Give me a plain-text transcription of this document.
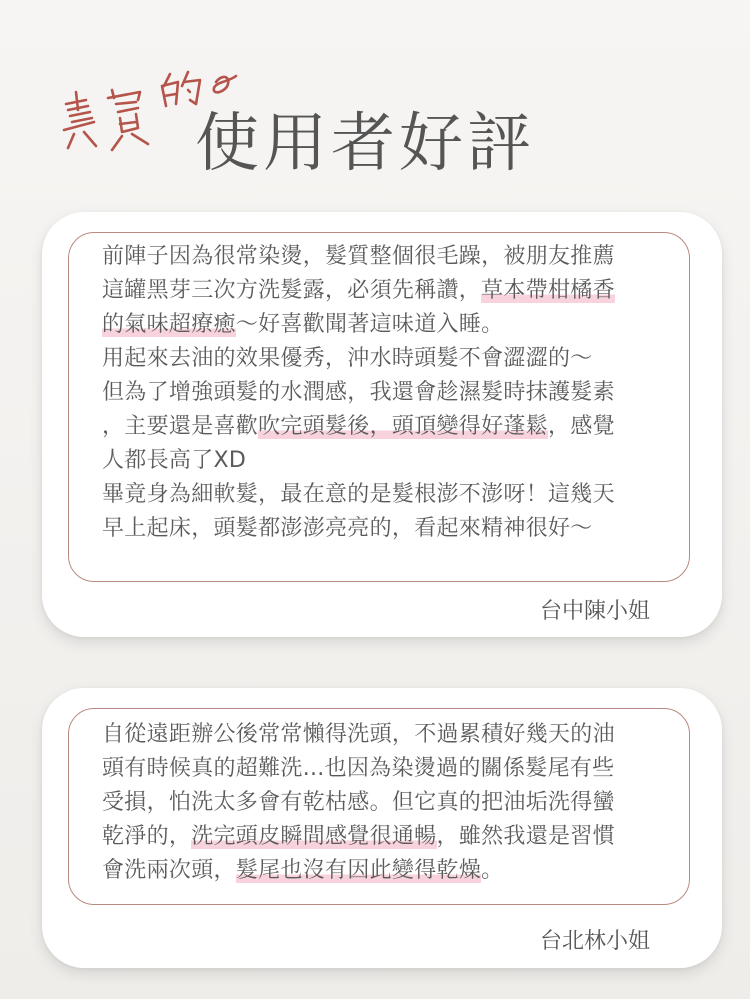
使用者好評

前陣子因為很常染燙，髮質整個很毛躁，被朋友推薦

這罐黑芽三次方洗髮露，必須先稱讚，草本帶柑橘香

的氣味超療癒～好喜歡聞著這味道入睡。

用起來去油的效果優秀，沖水時頭髮不會澀澀的～

但為了增強頭髮的水潤感，我還會趁濕髮時抹護髮素

，主要還是喜歡吹完頭髮後，頭頂變得好蓬鬆，感覺

人都長高了XD

畢竟身為細軟髮，最在意的是髮根澎不澎呀！這幾天

早上起床，頭髮都澎澎亮亮的，看起來精神很好～

台中陳小姐

自從遠距辦公後常常懶得洗頭，不過累積好幾天的油

頭有時候真的超難洗...也因為染燙過的關係髮尾有些

受損，怕洗太多會有乾枯感。但它真的把油垢洗得蠻

乾淨的，洗完頭皮瞬間感覺很通暢，雖然我還是習慣

會洗兩次頭，髮尾也沒有因此變得乾燥。

台北林小姐
